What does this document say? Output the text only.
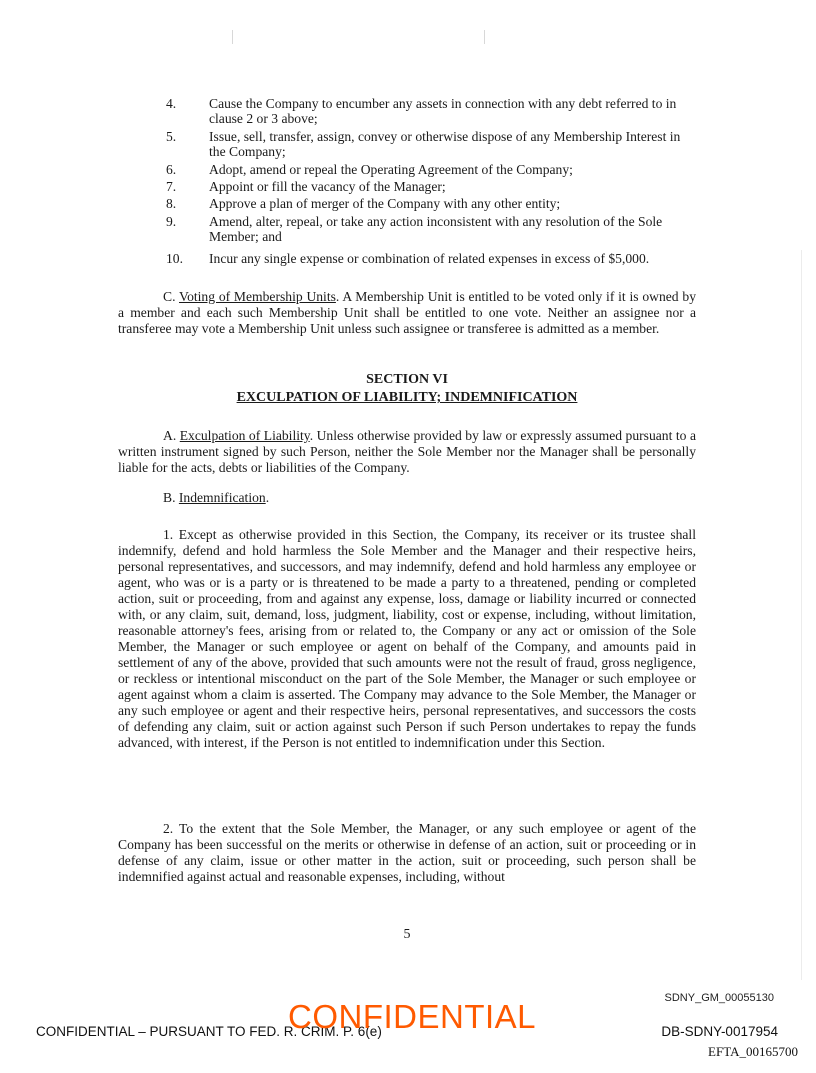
4. Cause the Company to encumber any assets in connection with any debt referred to in clause 2 or 3 above;
5. Issue, sell, transfer, assign, convey or otherwise dispose of any Membership Interest in the Company;
6. Adopt, amend or repeal the Operating Agreement of the Company;
7. Appoint or fill the vacancy of the Manager;
8. Approve a plan of merger of the Company with any other entity;
9. Amend, alter, repeal, or take any action inconsistent with any resolution of the Sole Member; and
10. Incur any single expense or combination of related expenses in excess of $5,000.

C. Voting of Membership Units. A Membership Unit is entitled to be voted only if it is owned by a member and each such Membership Unit shall be entitled to one vote. Neither an assignee nor a transferee may vote a Membership Unit unless such assignee or transferee is admitted as a member.

SECTION VI
EXCULPATION OF LIABILITY; INDEMNIFICATION

A. Exculpation of Liability. Unless otherwise provided by law or expressly assumed pursuant to a written instrument signed by such Person, neither the Sole Member nor the Manager shall be personally liable for the acts, debts or liabilities of the Company.

B. Indemnification.

1. Except as otherwise provided in this Section, the Company, its receiver or its trustee shall indemnify, defend and hold harmless the Sole Member and the Manager and their respective heirs, personal representatives, and successors, and may indemnify, defend and hold harmless any employee or agent, who was or is a party or is threatened to be made a party to a threatened, pending or completed action, suit or proceeding, from and against any expense, loss, damage or liability incurred or connected with, or any claim, suit, demand, loss, judgment, liability, cost or expense, including, without limitation, reasonable attorney's fees, arising from or related to, the Company or any act or omission of the Sole Member, the Manager or such employee or agent on behalf of the Company, and amounts paid in settlement of any of the above, provided that such amounts were not the result of fraud, gross negligence, or reckless or intentional misconduct on the part of the Sole Member, the Manager or such employee or agent against whom a claim is asserted. The Company may advance to the Sole Member, the Manager or any such employee or agent and their respective heirs, personal representatives, and successors the costs of defending any claim, suit or action against such Person if such Person undertakes to repay the funds advanced, with interest, if the Person is not entitled to indemnification under this Section.

2. To the extent that the Sole Member, the Manager, or any such employee or agent of the Company has been successful on the merits or otherwise in defense of an action, suit or proceeding or in defense of any claim, issue or other matter in the action, suit or proceeding, such person shall be indemnified against actual and reasonable expenses, including, without

5
SDNY_GM_00055130
CONFIDENTIAL – PURSUANT TO FED. R. CRIM. P. 6(e)
CONFIDENTIAL	DB-SDNY-0017954
EFTA_00165700
